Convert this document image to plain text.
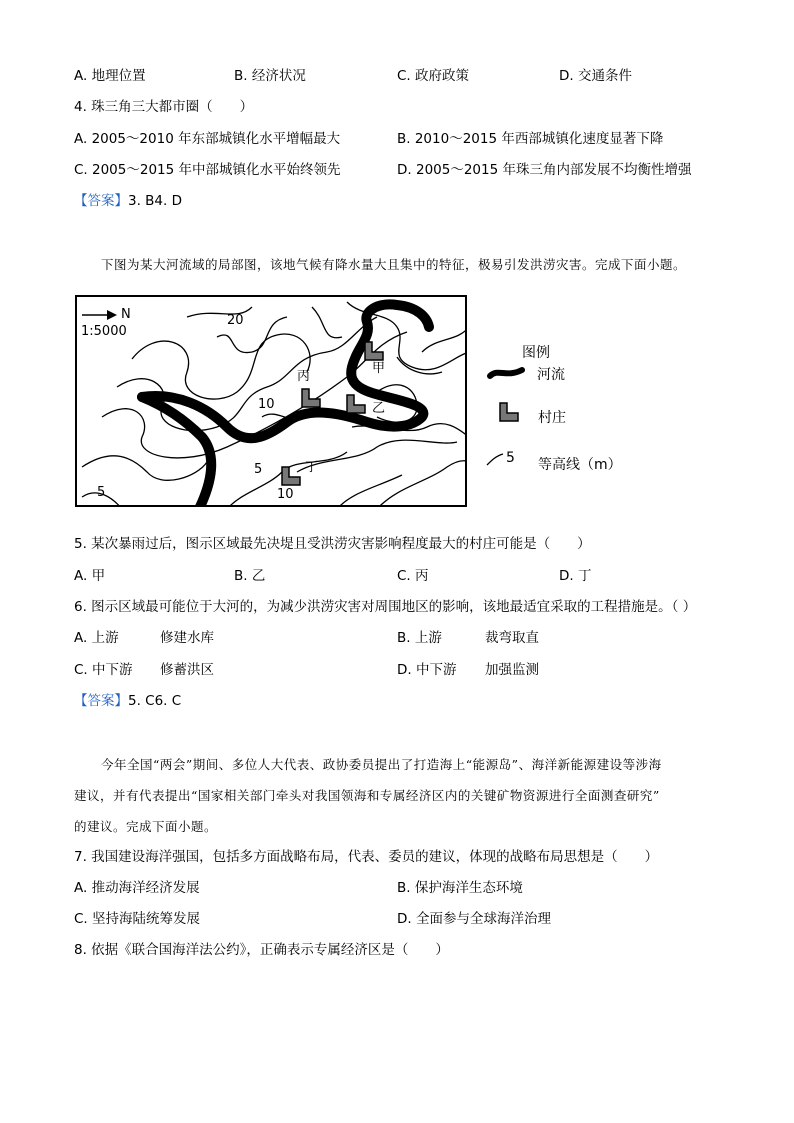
A. 地理位置	B. 经济状况	C. 政府政策	D. 交通条件
4. 珠三角三大都市圈（　　）
A. 2005～2010 年东部城镇化水平增幅最大	B. 2010～2015 年西部城镇化速度显著下降
C. 2005～2015 年中部城镇化水平始终领先	D. 2005～2015 年珠三角内部发展不均衡性增强
【答案】3. B4. D
下图为某大河流域的局部图，该地气候有降水量大且集中的特征，极易引发洪涝灾害。完成下面小题。
N
1:5000
20
10
10
5
5
甲
丙
乙
丁
图例
河流
村庄
5 等高线（m）
5. 某次暴雨过后，图示区域最先决堤且受洪涝灾害影响程度最大的村庄可能是（　　）
A. 甲	B. 乙	C. 丙	D. 丁
6. 图示区域最可能位于大河的，为减少洪涝灾害对周围地区的影响，该地最适宜采取的工程措施是。（ ）
A. 上游	修建水库	B. 上游	裁弯取直
C. 中下游 修蓄洪区	D. 中下游 加强监测
【答案】5. C6. C
今年全国“两会”期间、多位人大代表、政协委员提出了打造海上“能源岛”、海洋新能源建设等涉海
建议，并有代表提出“国家相关部门牵头对我国领海和专属经济区内的关键矿物资源进行全面测查研究”
的建议。完成下面小题。
7. 我国建设海洋强国，包括多方面战略布局，代表、委员的建议，体现的战略布局思想是（　　）
A. 推动海洋经济发展	B. 保护海洋生态环境
C. 坚持海陆统筹发展	D. 全面参与全球海洋治理
8. 依据《联合国海洋法公约》，正确表示专属经济区是（　　）
